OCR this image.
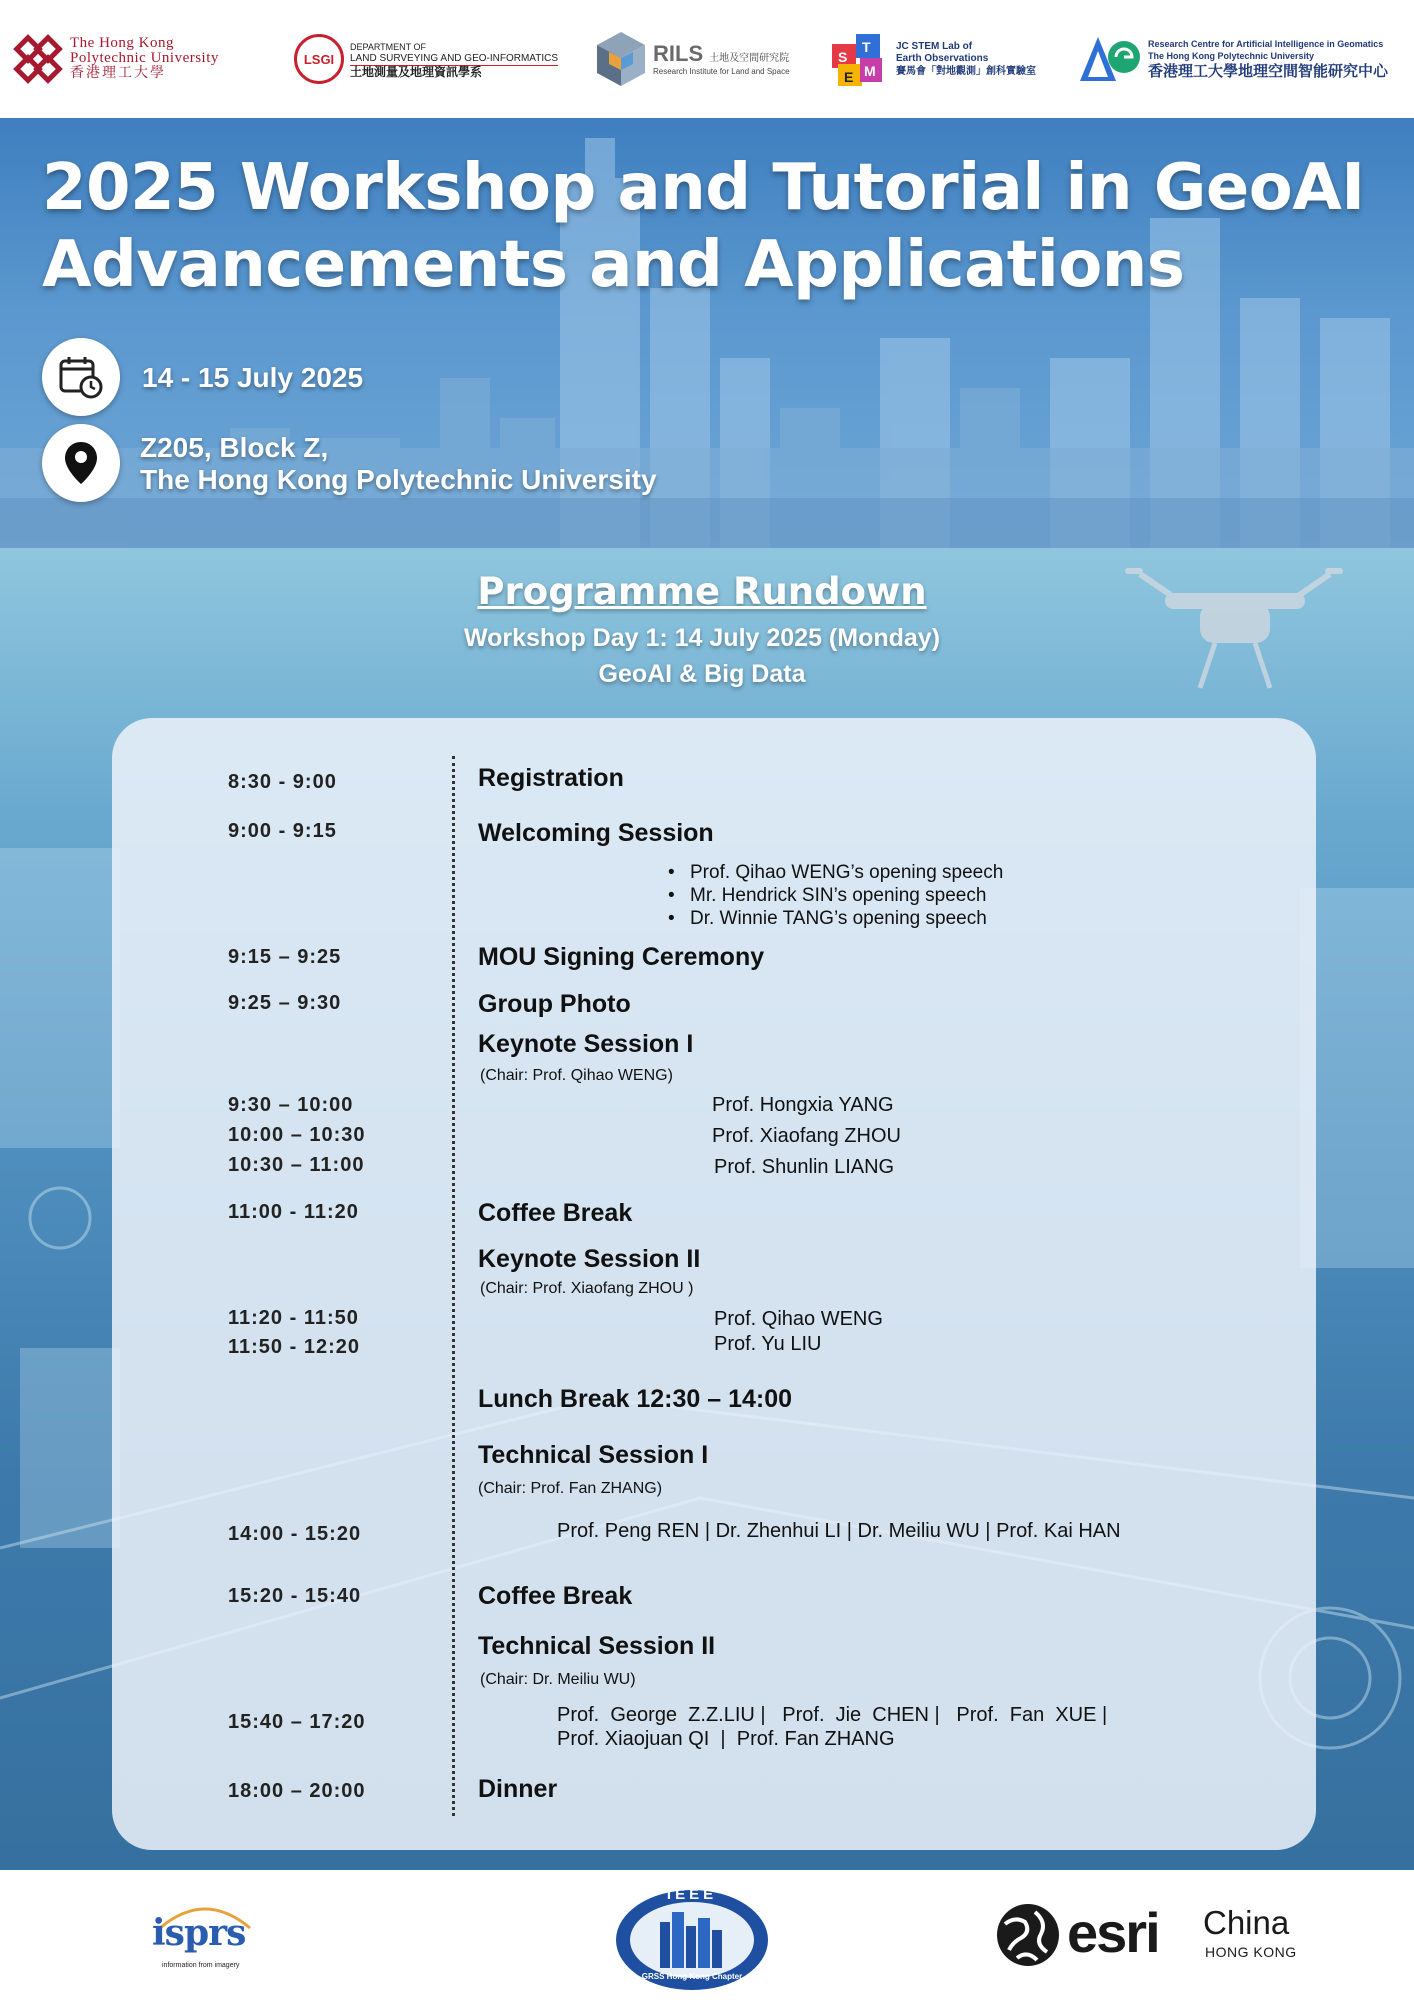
The Hong Kong
Polytechnic University
香港理工大學
LSGI
DEPARTMENT OF
LAND SURVEYING AND GEO-INFORMATICS
土地測量及地理資訊學系
RILS 土地及空間研究院
Research Institute for Land and Space
S
T
E M
JC STEM Lab of
Earth Observations
賽馬會「對地觀測」創科實驗室
Research Centre for Artificial Intelligence in Geomatics
The Hong Kong Polytechnic University
香港理工大學地理空間智能研究中心
2025 Workshop and Tutorial in GeoAI
Advancements and Applications
14 - 15 July 2025
Z205, Block Z,
The Hong Kong Polytechnic University
Programme Rundown
Workshop Day 1: 14 July 2025 (Monday)
GeoAI & Big Data
8:30 - 9:00	Registration
9:00 - 9:15	Welcoming Session
• Prof. Qihao WENG’s opening speech
• Mr. Hendrick SIN’s opening speech
• Dr. Winnie TANG’s opening speech
9:15 – 9:25	MOU Signing Ceremony
9:25 – 9:30	Group Photo
Keynote Session I
(Chair: Prof. Qihao WENG)
9:30 – 10:00	Prof. Hongxia YANG
10:00 – 10:30	Prof. Xiaofang ZHOU
10:30 – 11:00	Prof. Shunlin LIANG
11:00 - 11:20	Coffee Break
Keynote Session II
(Chair: Prof. Xiaofang ZHOU )
11:20 - 11:50	Prof. Qihao WENG
11:50 - 12:20	Prof. Yu LIU
Lunch Break 12:30 – 14:00
Technical Session I
(Chair: Prof. Fan ZHANG)
14:00 - 15:20	Prof. Peng REN | Dr. Zhenhui LI | Dr. Meiliu WU | Prof. Kai HAN
15:20 - 15:40	Coffee Break
Technical Session II
(Chair: Dr. Meiliu WU)
15:40 – 17:20	Prof.  George  Z.Z.LIU |   Prof.  Jie  CHEN |   Prof.  Fan  XUE |
Prof. Xiaojuan QI  |  Prof. Fan ZHANG
18:00 – 20:00	Dinner
isprs
information from imagery
IEEE
GRSS Hong Kong Chapter
esri China
HONG KONG
